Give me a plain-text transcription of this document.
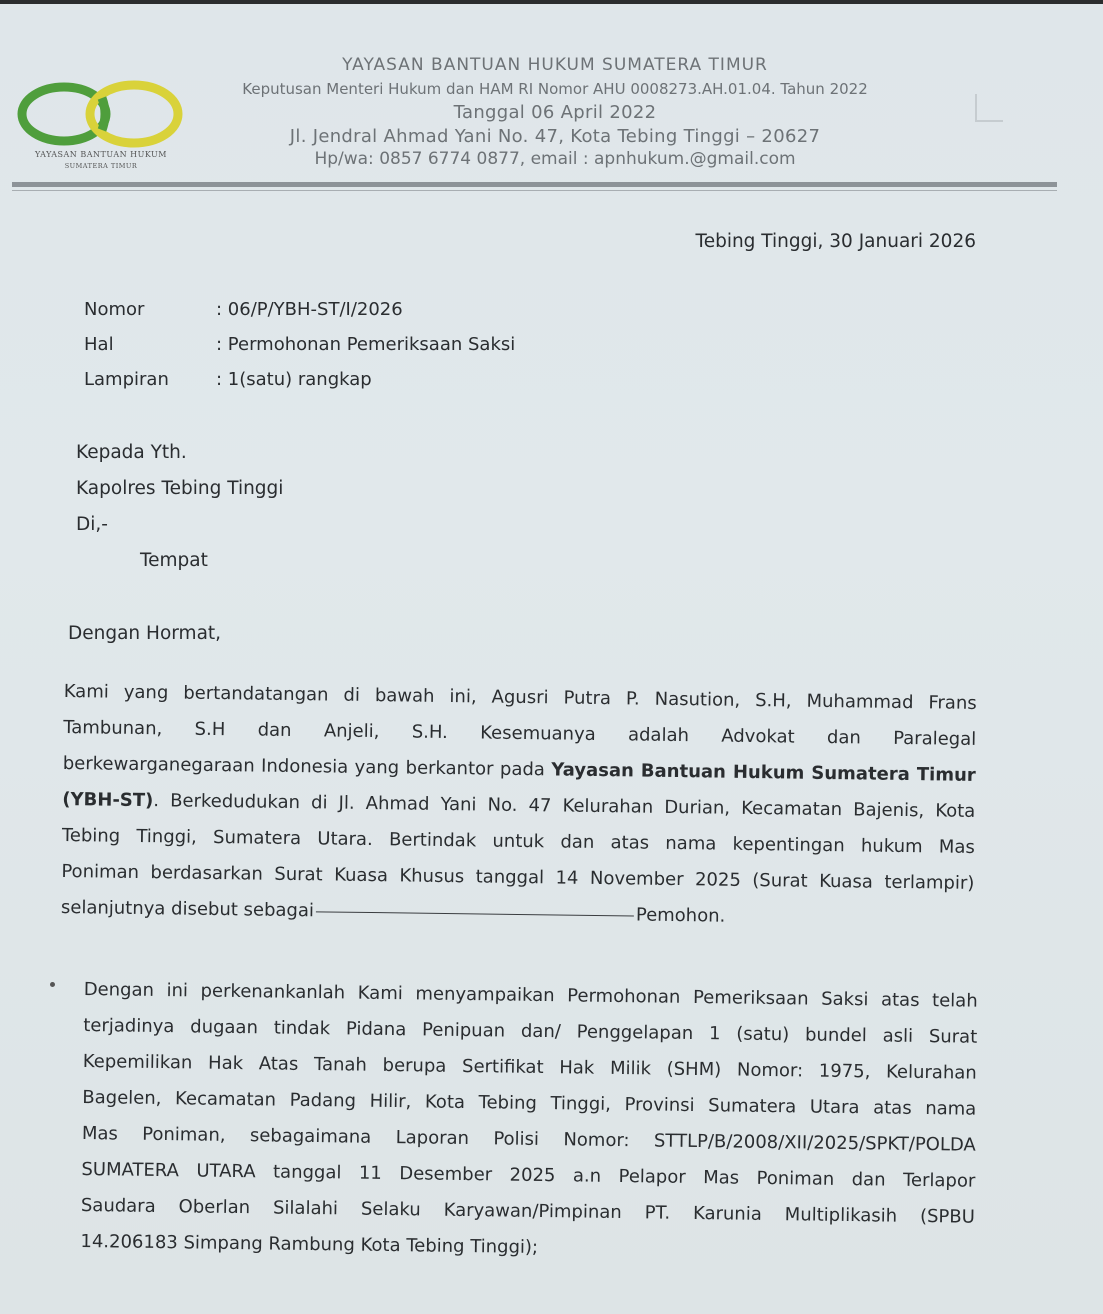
YAYASAN BANTUAN HUKUM
SUMATERA TIMUR
YAYASAN BANTUAN HUKUM SUMATERA TIMUR
Keputusan Menteri Hukum dan HAM RI Nomor AHU 0008273.AH.01.04. Tahun 2022
Tanggal 06 April 2022
Jl. Jendral Ahmad Yani No. 47, Kota Tebing Tinggi – 20627
Hp/wa: 0857 6774 0877, email : apnhukum.@gmail.com
Tebing Tinggi, 30 Januari 2026
Nomor	: 06/P/YBH-ST/I/2026
Hal	: Permohonan Pemeriksaan Saksi
Lampiran	: 1(satu) rangkap
Kepada Yth.
Kapolres Tebing Tinggi
Di,-
Tempat
Dengan Hormat,
Kami yang bertandatangan di bawah ini, Agusri Putra P. Nasution, S.H, Muhammad Frans
Tambunan, S.H dan Anjeli, S.H. Kesemuanya adalah Advokat dan Paralegal
berkewarganegaraan Indonesia yang berkantor pada Yayasan Bantuan Hukum Sumatera Timur
(YBH-ST). Berkedudukan di Jl. Ahmad Yani No. 47 Kelurahan Durian, Kecamatan Bajenis, Kota
Tebing Tinggi, Sumatera Utara. Bertindak untuk dan atas nama kepentingan hukum Mas
Poniman berdasarkan Surat Kuasa Khusus tanggal 14 November 2025 (Surat Kuasa terlampir)
selanjutnya disebut sebagai	Pemohon.
Dengan ini perkenankanlah Kami menyampaikan Permohonan Pemeriksaan Saksi atas telah
terjadinya dugaan tindak Pidana Penipuan dan/ Penggelapan 1 (satu) bundel asli Surat
Kepemilikan Hak Atas Tanah berupa Sertifikat Hak Milik (SHM) Nomor: 1975, Kelurahan
Bagelen, Kecamatan Padang Hilir, Kota Tebing Tinggi, Provinsi Sumatera Utara atas nama
Mas Poniman, sebagaimana Laporan Polisi Nomor: STTLP/B/2008/XII/2025/SPKT/POLDA
SUMATERA UTARA tanggal 11 Desember 2025 a.n Pelapor Mas Poniman dan Terlapor
Saudara Oberlan Silalahi Selaku Karyawan/Pimpinan PT. Karunia Multiplikasih (SPBU
14.206183 Simpang Rambung Kota Tebing Tinggi);
